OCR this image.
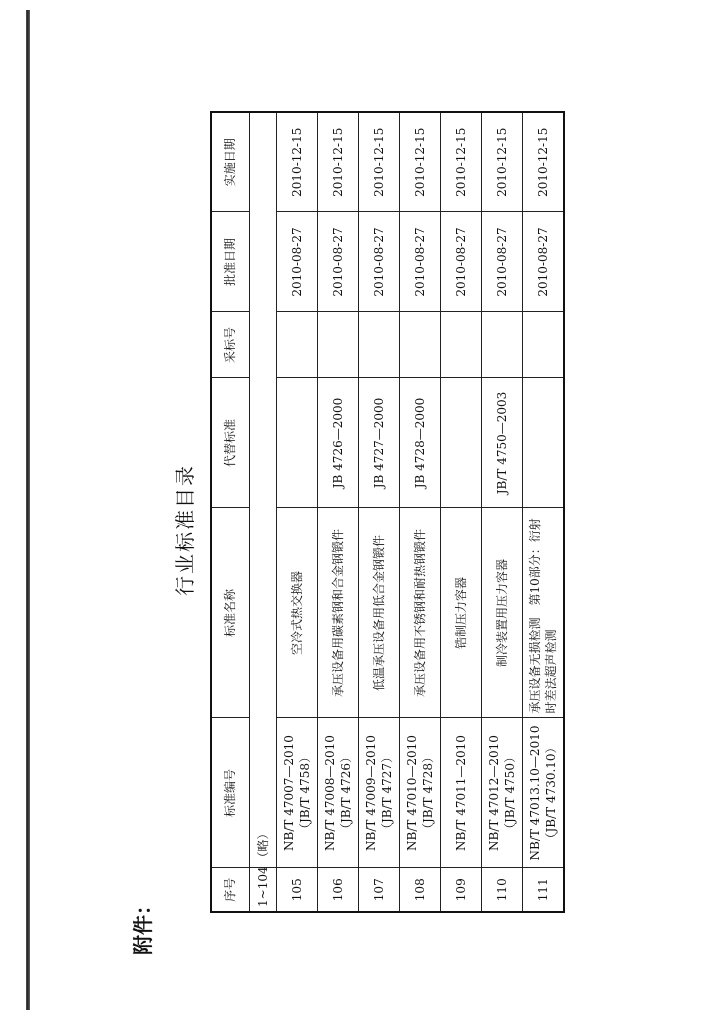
附件：
行业标准目录
序号	标准编号	标准名称	代替标准	采标号	批准日期	实施日期
1~104	（略）					
105	NB/T 47007—2010 （JB/T 4758）	空冷式热交换器			2010-08-27	2010-12-15
106	NB/T 47008—2010 （JB/T 4726）	承压设备用碳素钢和合金钢锻件	JB 4726—2000		2010-08-27	2010-12-15
107	NB/T 47009—2010 （JB/T 4727）	低温承压设备用低合金钢锻件	JB 4727—2000		2010-08-27	2010-12-15
108	NB/T 47010—2010 （JB/T 4728）	承压设备用不锈钢和耐热钢锻件	JB 4728—2000		2010-08-27	2010-12-15
109	NB/T 47011—2010	锆制压力容器			2010-08-27	2010-12-15
110	NB/T 47012—2010 （JB/T 4750）	制冷装置用压力容器	JB/T 4750—2003		2010-08-27	2010-12-15
111	NB/T 47013.10—2010 （JB/T 4730.10）	承压设备无损检测　第10部分：衍射时差法超声检测			2010-08-27	2010-12-15
